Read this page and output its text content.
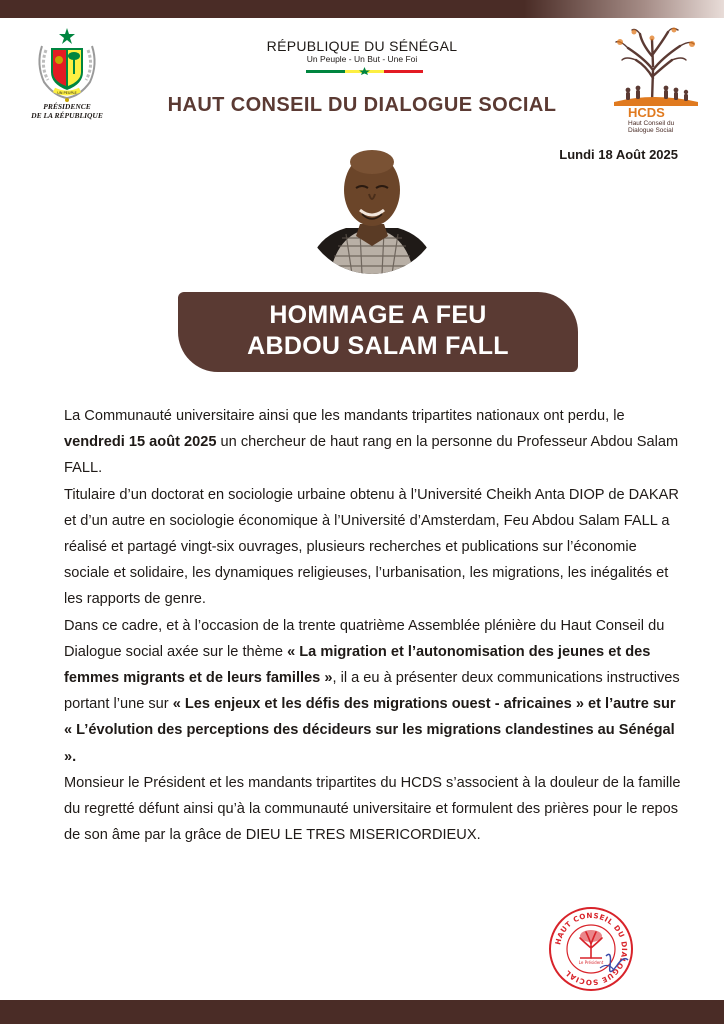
UN PEUPLE
PRÉSIDENCE
DE LA RÉPUBLIQUE
RÉPUBLIQUE DU SÉNÉGAL
Un Peuple - Un But - Une Foi
HAUT CONSEIL DU DIALOGUE SOCIAL	HCDS
Haut Conseil du
Dialogue Social
Lundi 18 Août 2025
HOMMAGE A FEU
ABDOU SALAM FALL

La Communauté universitaire ainsi que les mandants tripartites nationaux ont perdu, le vendredi 15 août 2025 un chercheur de haut rang en la personne du Professeur Abdou Salam FALL.

Titulaire d’un doctorat en sociologie urbaine obtenu à l’Université Cheikh Anta DIOP de DAKAR et d’un autre en sociologie économique à l’Université d’Amsterdam, Feu Abdou Salam FALL a réalisé et partagé vingt-six ouvrages, plusieurs recherches et publications sur l’économie sociale et solidaire, les dynamiques religieuses, l’urbanisation, les migrations, les inégalités et les rapports de genre.

Dans ce cadre, et à l’occasion de la trente quatrième Assemblée plénière du Haut Conseil du Dialogue social axée sur le thème « La migration et l’autonomisation des jeunes et des femmes migrants et de leurs familles », il a eu à présenter deux communications instructives portant l’une sur « Les enjeux et les défis des migrations ouest - africaines » et l’autre sur « L’évolution des perceptions des décideurs sur les migrations clandestines au Sénégal ».

Monsieur le Président et les mandants tripartites du HCDS s’associent à la douleur de la famille du regretté défunt ainsi qu’à la communauté universitaire et formulent des prières pour le repos de son âme par la grâce de DIEU LE TRES MISERICORDIEUX.

HAUT CONSEIL DU DIALOGUE SOCIAL
Le Président
